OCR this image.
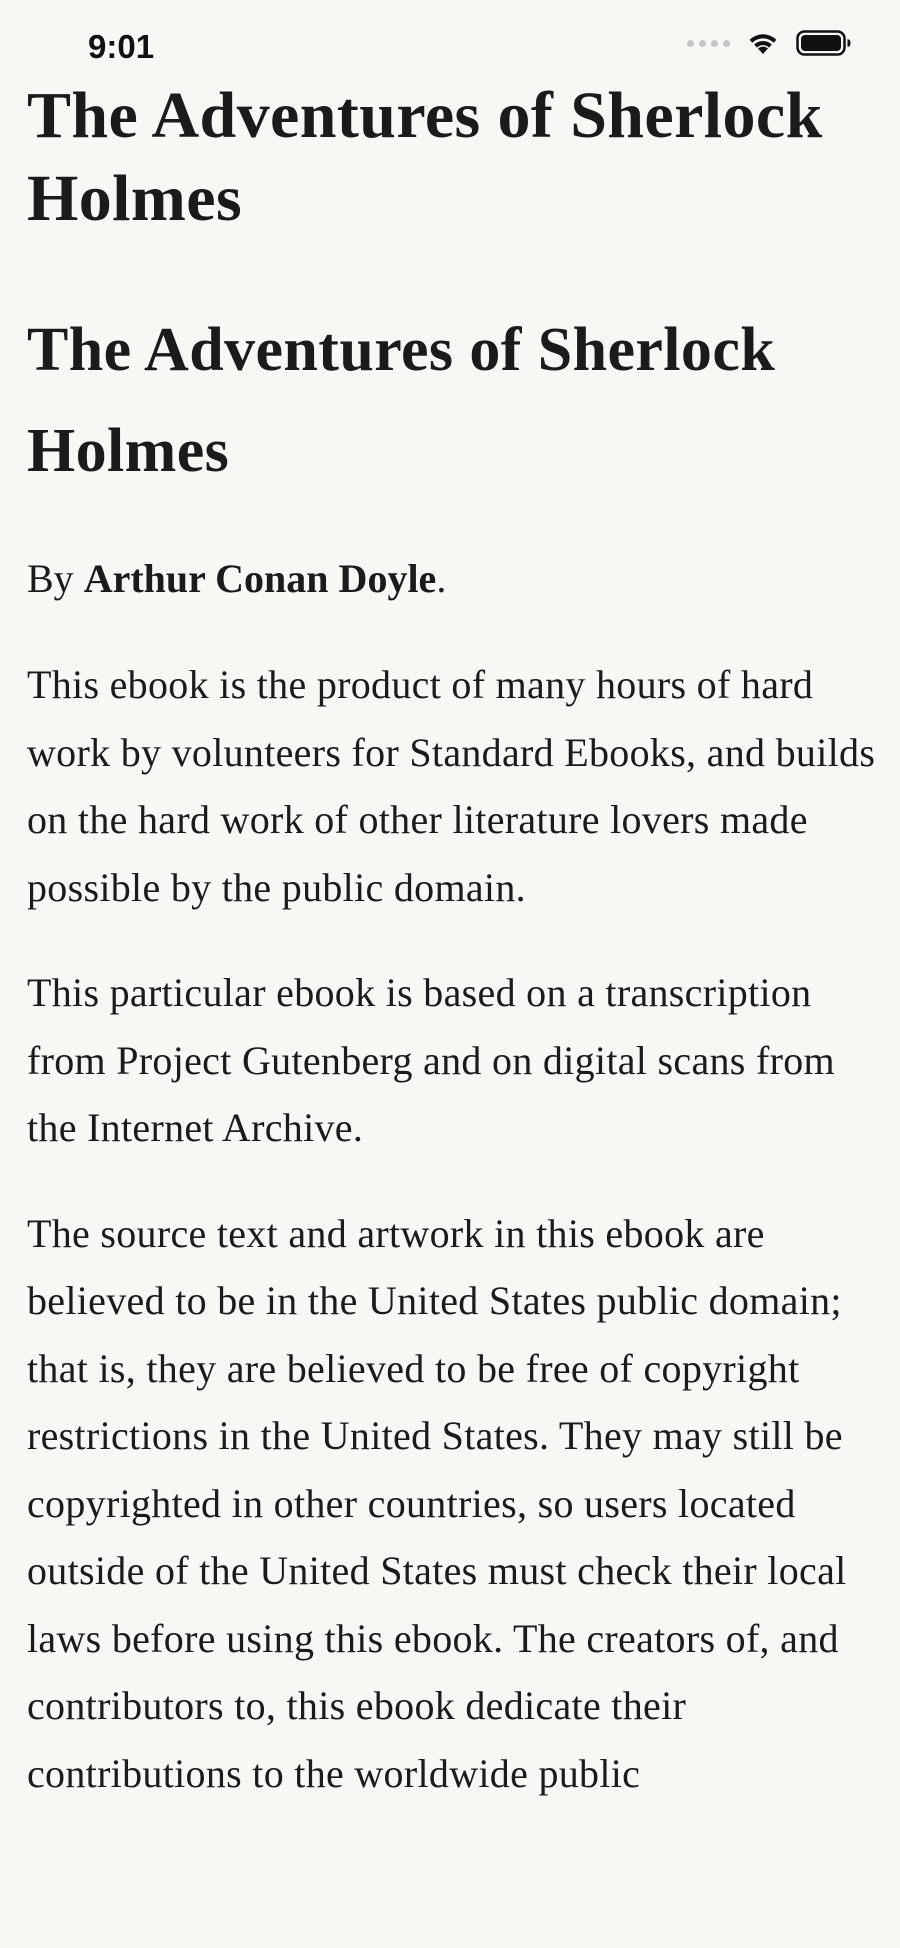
9:01
The Adventures of Sherlock Holmes
The Adventures of Sherlock Holmes

By Arthur Conan Doyle.

This ebook is the product of many hours of hard work by volunteers for Standard Ebooks, and builds on the hard work of other literature lovers made possible by the public domain.

This particular ebook is based on a transcription from Project Gutenberg and on digital scans from the Internet Archive.

The source text and artwork in this ebook are believed to be in the United States public domain; that is, they are believed to be free of copyright restrictions in the United States. They may still be copyrighted in other countries, so users located outside of the United States must check their local laws before using this ebook. The creators of, and contributors to, this ebook dedicate their contributions to the worldwide public
